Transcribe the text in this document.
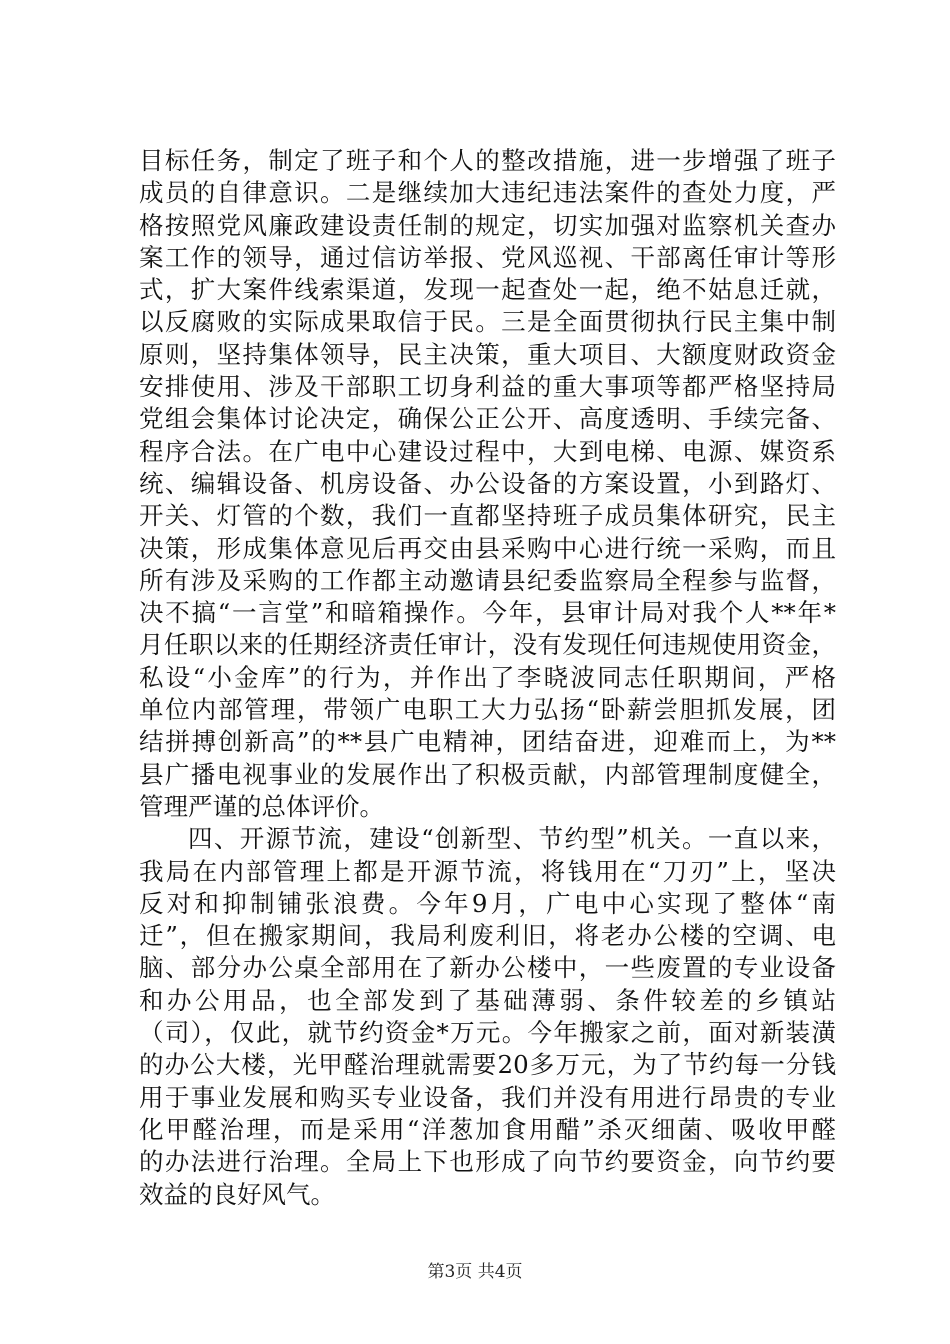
目标任务，制定了班子和个人的整改措施，进一步增强了班子
成员的自律意识。二是继续加大违纪违法案件的查处力度，严
格按照党风廉政建设责任制的规定，切实加强对监察机关查办
案工作的领导，通过信访举报、党风巡视、干部离任审计等形
式，扩大案件线索渠道，发现一起查处一起，绝不姑息迁就，
以反腐败的实际成果取信于民。三是全面贯彻执行民主集中制
原则，坚持集体领导，民主决策，重大项目、大额度财政资金
安排使用、涉及干部职工切身利益的重大事项等都严格坚持局
党组会集体讨论决定，确保公正公开、高度透明、手续完备、
程序合法。在广电中心建设过程中，大到电梯、电源、媒资系
统、编辑设备、机房设备、办公设备的方案设置，小到路灯、
开关、灯管的个数，我们一直都坚持班子成员集体研究，民主
决策，形成集体意见后再交由县采购中心进行统一采购，而且
所有涉及采购的工作都主动邀请县纪委监察局全程参与监督，
决不搞“一言堂”和暗箱操作。今年，县审计局对我个人**年*
月任职以来的任期经济责任审计，没有发现任何违规使用资金，
私设“小金库”的行为，并作出了李晓波同志任职期间，严格
单位内部管理，带领广电职工大力弘扬“卧薪尝胆抓发展，团
结拼搏创新高”的**县广电精神，团结奋进，迎难而上，为**
县广播电视事业的发展作出了积极贡献，内部管理制度健全，
管理严谨的总体评价。
四、开源节流，建设“创新型、节约型”机关。一直以来，
我局在内部管理上都是开源节流，将钱用在“刀刃”上，坚决
反对和抑制铺张浪费。今年9月，广电中心实现了整体“南
迁”，但在搬家期间，我局利废利旧，将老办公楼的空调、电
脑、部分办公桌全部用在了新办公楼中，一些废置的专业设备
和办公用品，也全部发到了基础薄弱、条件较差的乡镇站
（司），仅此，就节约资金*万元。今年搬家之前，面对新装潢
的办公大楼，光甲醛治理就需要20多万元，为了节约每一分钱
用于事业发展和购买专业设备，我们并没有用进行昂贵的专业
化甲醛治理，而是采用“洋葱加食用醋”杀灭细菌、吸收甲醛
的办法进行治理。全局上下也形成了向节约要资金，向节约要
效益的良好风气。
第3页 共4页
